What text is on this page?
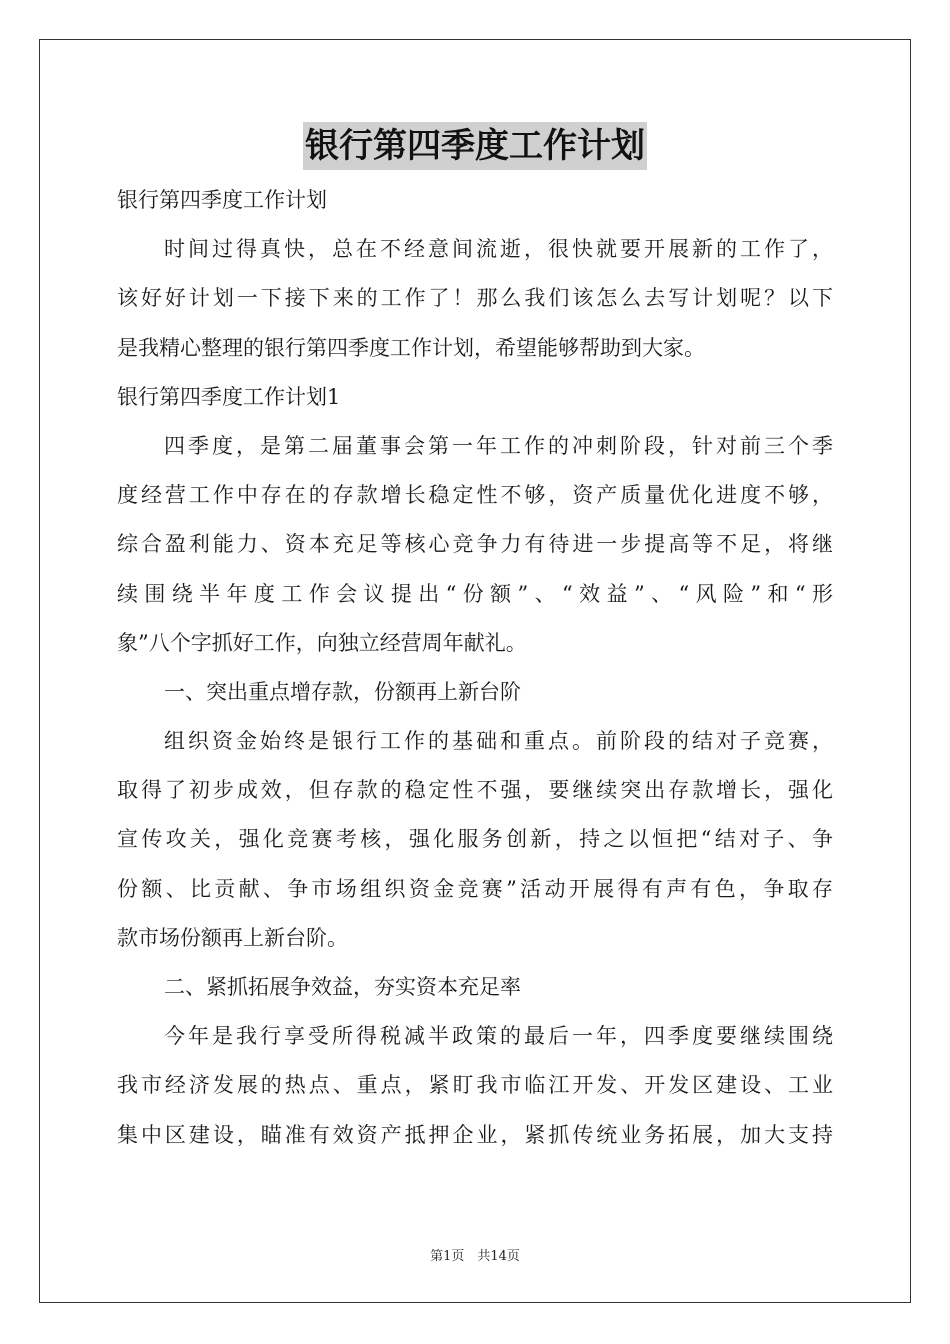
银行第四季度工作计划
银行第四季度工作计划
时间过得真快，总在不经意间流逝，很快就要开展新的工作了，
该好好计划一下接下来的工作了！那么我们该怎么去写计划呢？以下
是我精心整理的银行第四季度工作计划，希望能够帮助到大家。
银行第四季度工作计划1
四季度，是第二届董事会第一年工作的冲刺阶段，针对前三个季
度经营工作中存在的存款增长稳定性不够，资产质量优化进度不够，
综合盈利能力、资本充足等核心竞争力有待进一步提高等不足，将继
续围绕半年度工作会议提出“份额”、“效益”、“风险”和“形
象”八个字抓好工作，向独立经营周年献礼。
一、突出重点增存款，份额再上新台阶
组织资金始终是银行工作的基础和重点。前阶段的结对子竞赛，
取得了初步成效，但存款的稳定性不强，要继续突出存款增长，强化
宣传攻关，强化竞赛考核，强化服务创新，持之以恒把“结对子、争
份额、比贡献、争市场组织资金竞赛”活动开展得有声有色，争取存
款市场份额再上新台阶。
二、紧抓拓展争效益，夯实资本充足率
今年是我行享受所得税减半政策的最后一年，四季度要继续围绕
我市经济发展的热点、重点，紧盯我市临江开发、开发区建设、工业
集中区建设，瞄准有效资产抵押企业，紧抓传统业务拓展，加大支持
第1页　共14页
